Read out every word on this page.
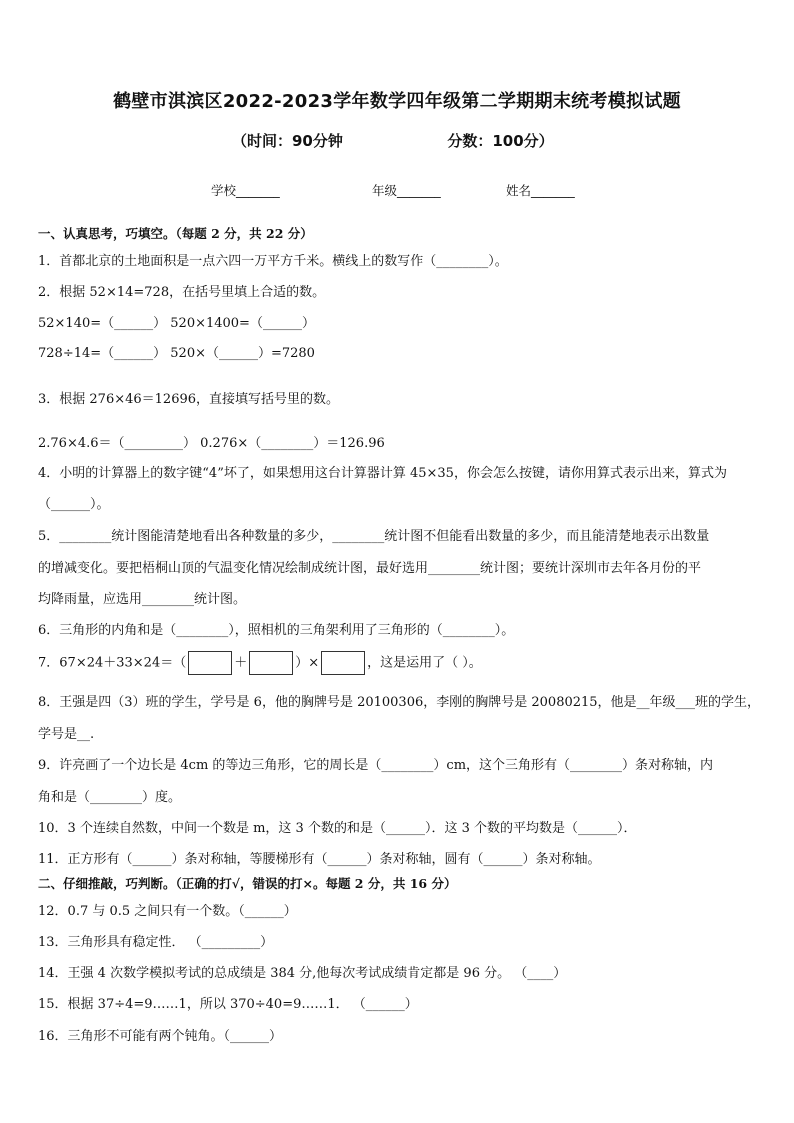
鹤壁市淇滨区2022-2023学年数学四年级第二学期期末统考模拟试题
（时间：90分钟                    分数：100分）
学校_______	年级_______	姓名_______
一、认真思考，巧填空。（每题 2 分，共 22 分）
1．首都北京的土地面积是一点六四一万平方千米。横线上的数写作（________）。
2．根据 52×14=728，在括号里填上合适的数。
52×140=（______） 520×1400=（______）
728÷14=（______） 520×（______）=7280
3．根据 276×46＝12696，直接填写括号里的数。
2.76×4.6＝（_________） 0.276×（________）＝126.96
4．小明的计算器上的数字键“4”坏了，如果想用这台计算器计算 45×35，你会怎么按键，请你用算式表示出来，算式为
（______）。
5．________统计图能清楚地看出各种数量的多少，________统计图不但能看出数量的多少，而且能清楚地表示出数量
的增减变化。要把梧桐山顶的气温变化情况绘制成统计图，最好选用________统计图；要统计深圳市去年各月份的平
均降雨量，应选用________统计图。
6．三角形的内角和是（________），照相机的三角架利用了三角形的（________）。
7．67×24＋33×24＝（	＋	）×	，这是运用了（ ）。
8．王强是四（3）班的学生，学号是 6，他的胸牌号是 20100306，李刚的胸牌号是 20080215，他是__年级___班的学生，
学号是__.
9．许亮画了一个边长是 4cm 的等边三角形，它的周长是（________）cm，这个三角形有（________）条对称轴，内
角和是（________）度。
10．3 个连续自然数，中间一个数是 m，这 3 个数的和是（______）．这 3 个数的平均数是（______）．
11．正方形有（______）条对称轴，等腰梯形有（______）条对称轴，圆有（______）条对称轴。
二、仔细推敲，巧判断。（正确的打√，错误的打×。每题 2 分，共 16 分）
12．0.7 与 0.5 之间只有一个数。（______）
13．三角形具有稳定性． （_________）
14．王强 4 次数学模拟考试的总成绩是 384 分,他每次考试成绩肯定都是 96 分。 （____）
15．根据 37÷4=9……1，所以 370÷40=9……1． （______）
16．三角形不可能有两个钝角。（______）
